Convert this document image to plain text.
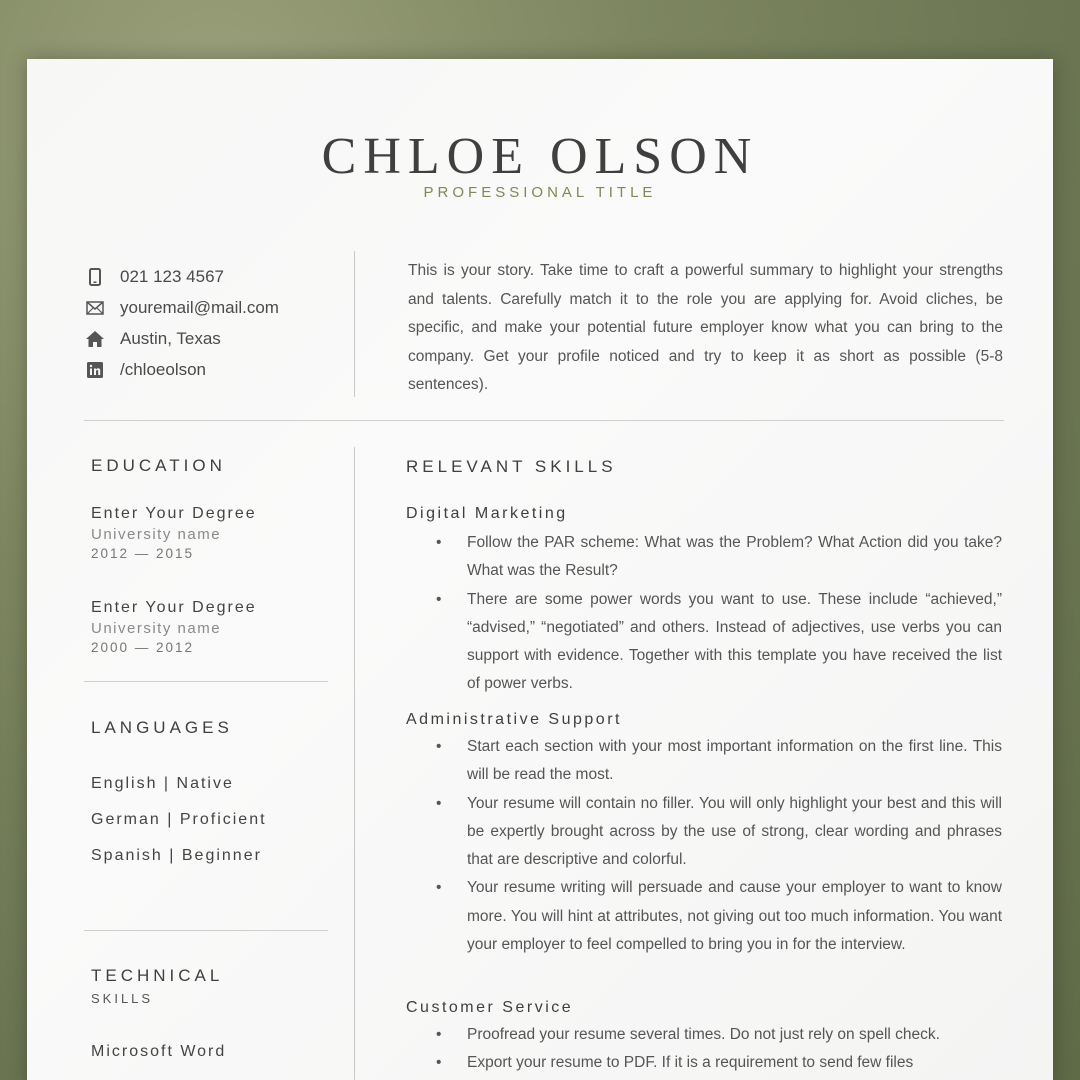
CHLOE OLSON
PROFESSIONAL TITLE
021 123 4567
youremail@mail.com
Austin, Texas
/chloeolson
This is your story. Take time to craft a powerful summary to highlight your strengths and talents. Carefully match it to the role you are applying for. Avoid cliches, be specific, and make your potential future employer know what you can bring to the company. Get your profile noticed and try to keep it as short as possible (5-8 sentences).
EDUCATION
Enter Your Degree
University name
2012 — 2015
Enter Your Degree
University name
2000 — 2012
LANGUAGES
English | Native
German | Proficient
Spanish | Beginner
TECHNICAL
SKILLS
Microsoft Word
RELEVANT SKILLS
Digital Marketing
• Follow the PAR scheme: What was the Problem? What Action did you take? What was the Result?
• There are some power words you want to use. These include “achieved,” “advised,” “negotiated” and others. Instead of adjectives, use verbs you can support with evidence. Together with this template you have received the list of power verbs.
Administrative Support
• Start each section with your most important information on the first line. This will be read the most.
• Your resume will contain no filler. You will only highlight your best and this will be expertly brought across by the use of strong, clear wording and phrases that are descriptive and colorful.
• Your resume writing will persuade and cause your employer to want to know more. You will hint at attributes, not giving out too much information. You want your employer to feel compelled to bring you in for the interview.
Customer Service
• Proofread your resume several times. Do not just rely on spell check.
• Export your resume to PDF. If it is a requirement to send few files
